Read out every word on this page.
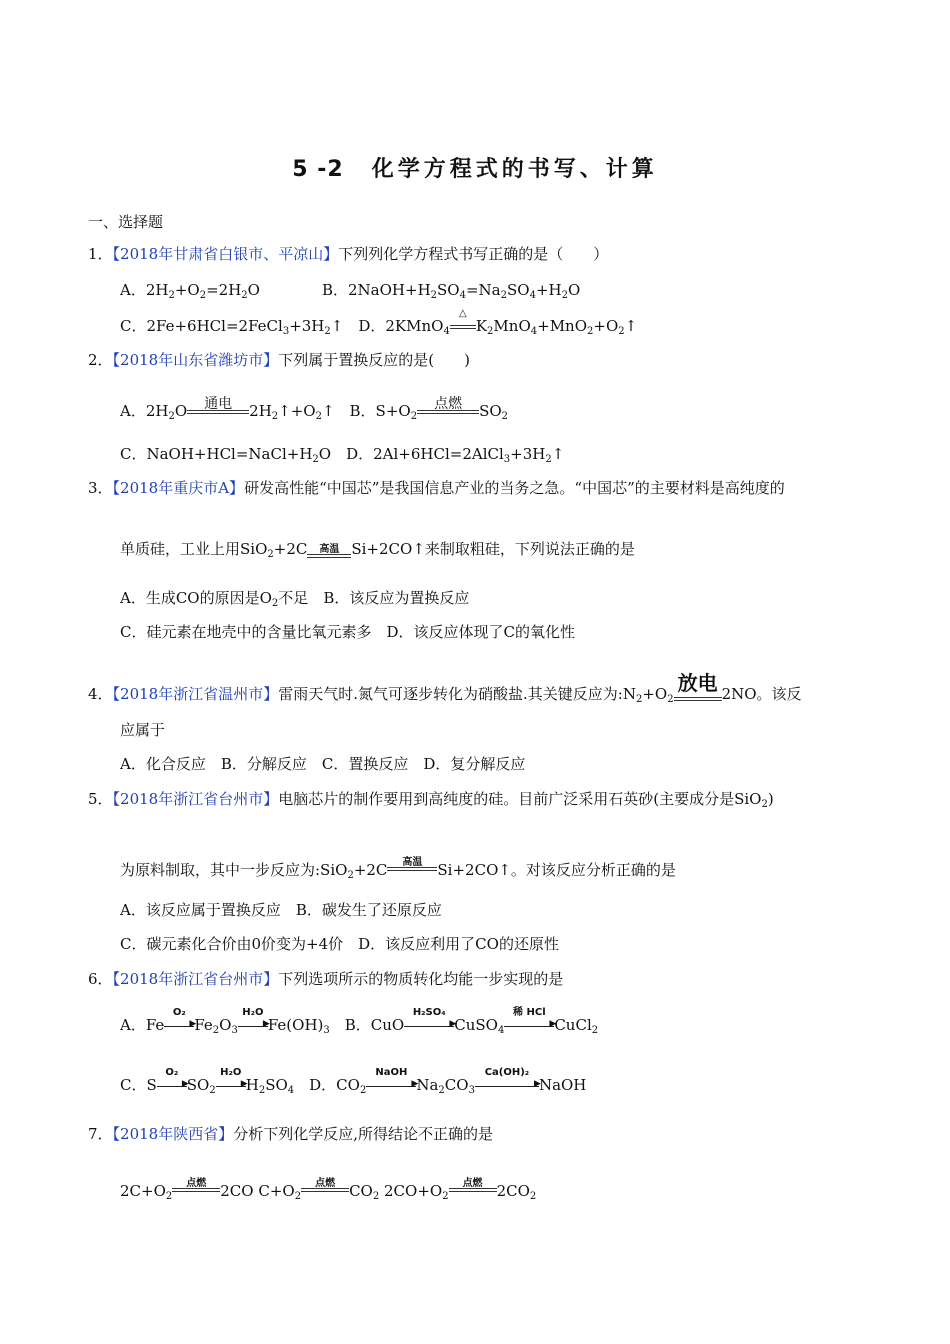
5 -2 化学方程式的书写、计算
一、选择题
1．【2018年甘肃省白银市、平凉山】下列列化学方程式书写正确的是（　　）
A．$2H_2+O_2=2H_2O$	B．$2NaOH+H_2SO_4=Na_2SO_4+H_2O$
C．$2Fe+6HCl=2FeCl_3+3H_2↑$　D．2KMnO$_4$
△
$K_2MnO_4+MnO_2+O_2↑$
2．【2018年山东省潍坊市】下列属于置换反应的是(　　)
A．$2H_2O$	通电	$2H_2↑+O_2↑$　B．$S+O_2$
点燃	$SO_2$
C．$NaOH+HCl=NaCl+H_2O$　D．$2Al+6HCl=2AlCl_3+3H_2↑$
3．【2018年重庆市A】研发高性能“中国芯”是我国信息产业的当务之急。“中国芯”的主要材料是高纯度的
单质硅，工业上用SiO$_2$+2C	高温 Si+2CO↑来制取粗硅，下列说法正确的是
A．生成CO的原因是$O_2$不足　 B．该反应为置换反应
C．硅元素在地壳中的含量比氧元素多　 D．该反应体现了C的氧化性
4．【2018年浙江省温州市】雷雨天气时.氮气可逐步转化为硝酸盐.其关键反应为$:N_2+O_2$
放电 2NO。该反
应属于
A．化合反应　B．分解反应　C．置换反应　D．复分解反应
5．【2018年浙江省台州市】电脑芯片的制作要用到高纯度的硅。目前广泛采用石英砂(主要成分是SiO$_2$)
为原料制取，其中一步反应为:SiO$_2$+2C	高温	Si+2CO↑。对该反应分析正确的是
A．该反应属于置换反应　 B．碳发生了还原反应
C．碳元素化合价由0价变为+4价　 D．该反应利用了CO的还原性
6．【2018年浙江省台州市】下列选项所示的物质转化均能一步实现的是
A．Fe
O₂
▶
$Fe_2O_3$
H₂O
▶
$Fe(OH)_3$　B．CuO
H₂SO₄
▶
CuSO$_4$
稀 HCl
▶
CuCl$_2$
C．S
O₂
▶
$SO_2$
H₂O
▶
$H_2SO_4$　D．$CO_2$
NaOH
▶
$Na_2CO_3$
Ca(OH)₂
▶
NaOH
7．【2018年陕西省】分析下列化学反应,所得结论不正确的是
$2C+O_2$
点燃 2CO $C+O_2$
点燃 $CO_2$ $2CO+O_2$
点燃 $2CO_2$
